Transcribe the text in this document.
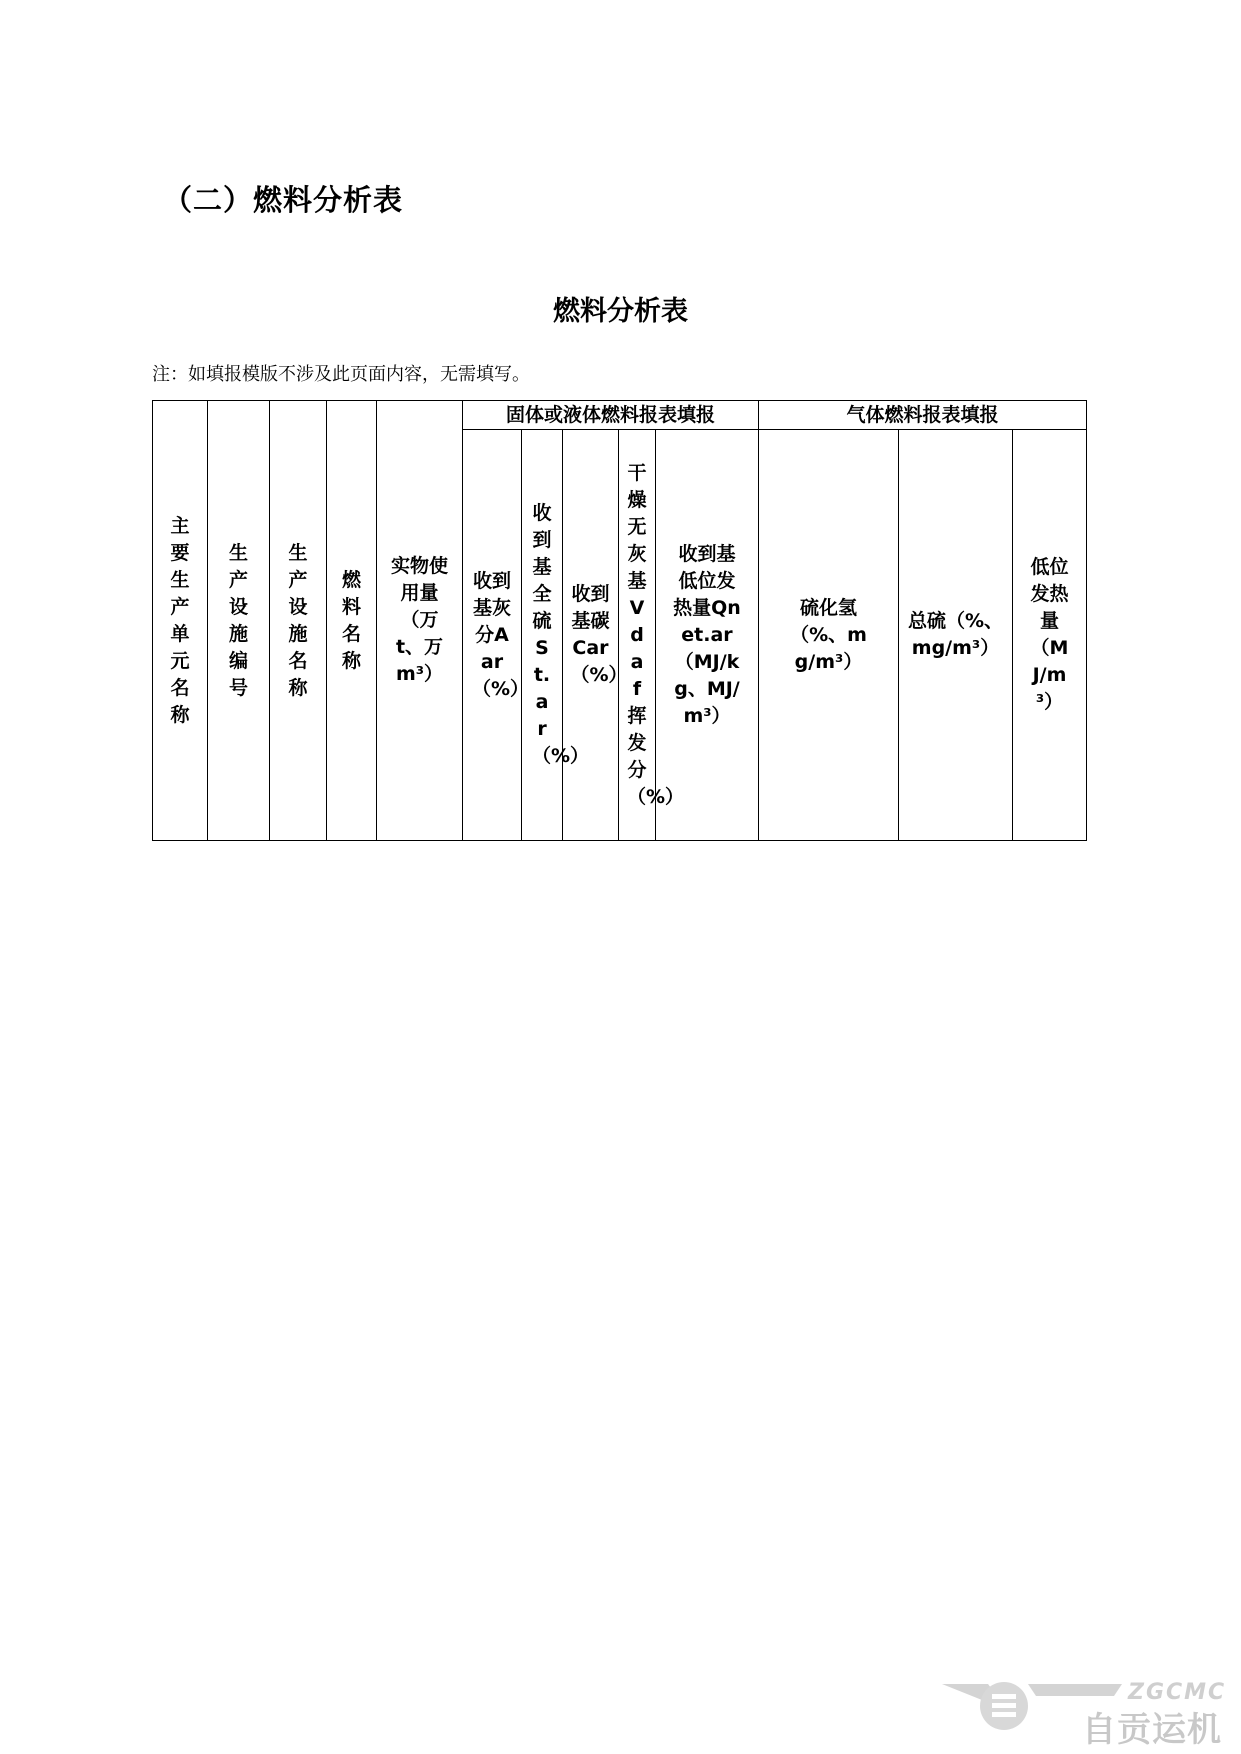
（二）燃料分析表
燃料分析表
注：如填报模版不涉及此页面内容，无需填写。
主要生产单元名称	生产设施编号	生产设施名称	燃料名称	实物使用量（万t、万m³）	固体或液体燃料报表填报					气体燃料报表填报		
					收到基灰分Aar（%）	收到基全硫St.ar（%）	收到基碳Car（%）	干燥无灰基Vdaf挥发分（%）	收到基低位发热量Qnet.ar（MJ/kg、MJ/m³）	硫化氢（%、mg/m³）	总硫（%、mg/m³）	低位发热量（MJ/m³）
ZGCMC
自贡运机
